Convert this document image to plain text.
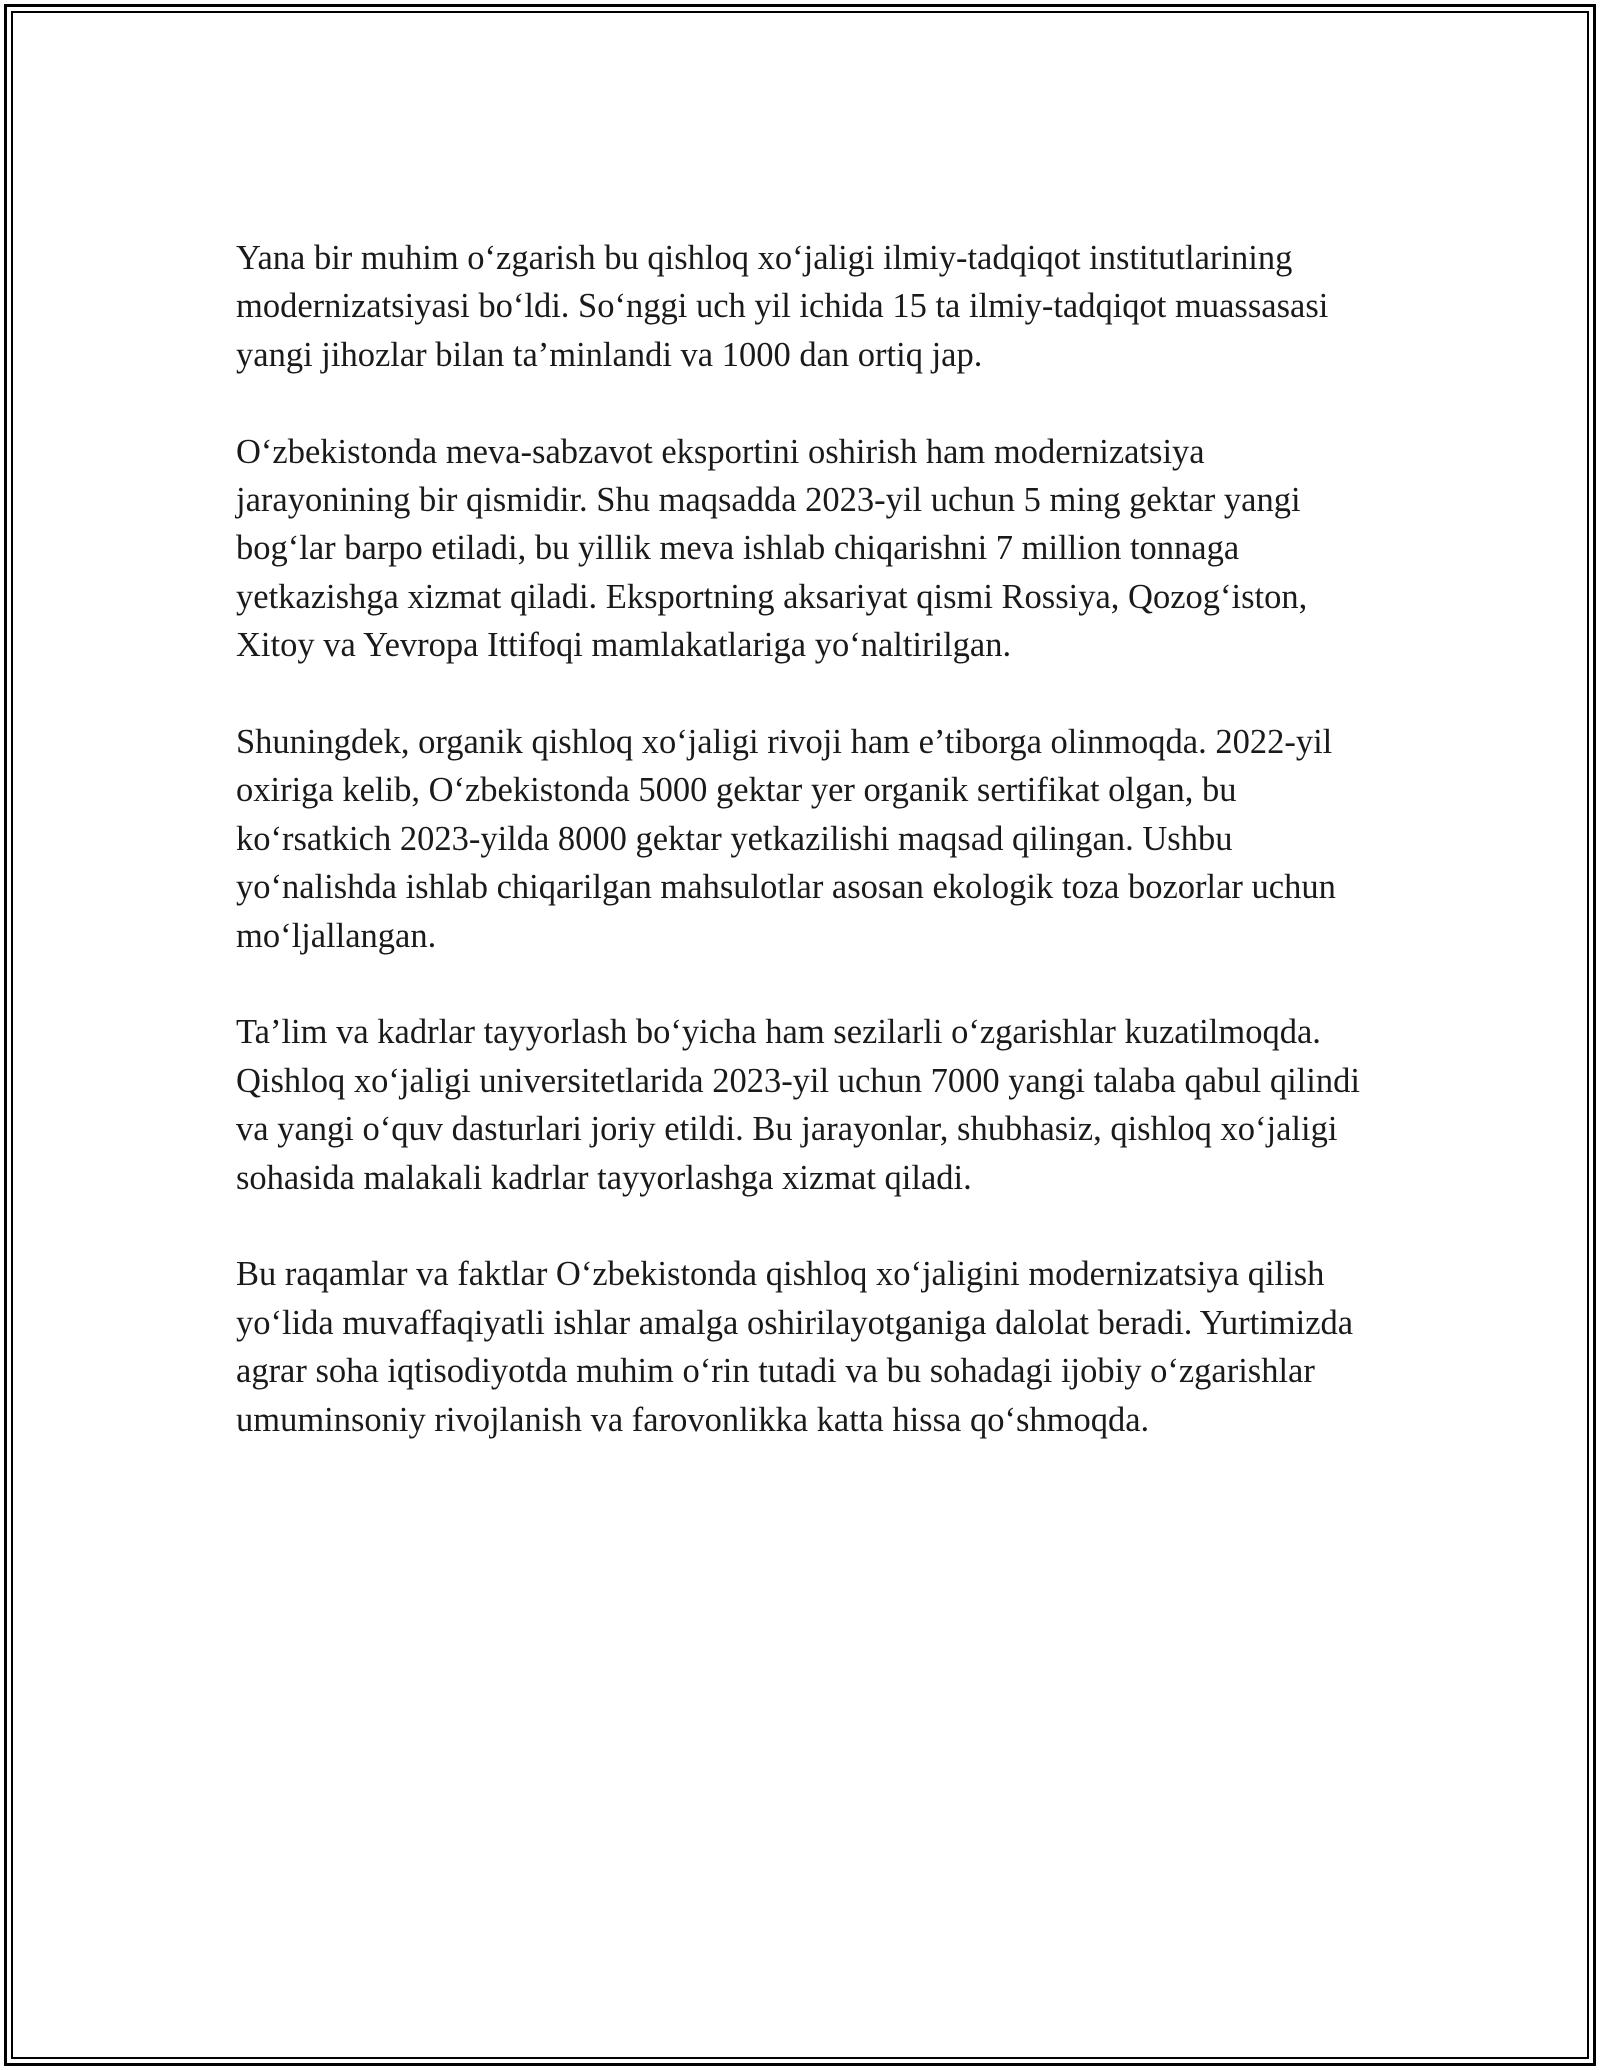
Yana bir muhim o‘zgarish bu qishloq xo‘jaligi ilmiy-tadqiqot institutlarining modernizatsiyasi bo‘ldi. So‘nggi uch yil ichida 15 ta ilmiy-tadqiqot muassasasi yangi jihozlar bilan ta’minlandi va 1000 dan ortiq jap.

O‘zbekistonda meva-sabzavot eksportini oshirish ham modernizatsiya jarayonining bir qismidir. Shu maqsadda 2023-yil uchun 5 ming gektar yangi bog‘lar barpo etiladi, bu yillik meva ishlab chiqarishni 7 million tonnaga yetkazishga xizmat qiladi. Eksportning aksariyat qismi Rossiya, Qozog‘iston, Xitoy va Yevropa Ittifoqi mamlakatlariga yo‘naltirilgan.

Shuningdek, organik qishloq xo‘jaligi rivoji ham e’tiborga olinmoqda. 2022-yil oxiriga kelib, O‘zbekistonda 5000 gektar yer organik sertifikat olgan, bu ko‘rsatkich 2023-yilda 8000 gektar yetkazilishi maqsad qilingan. Ushbu yo‘nalishda ishlab chiqarilgan mahsulotlar asosan ekologik toza bozorlar uchun mo‘ljallangan.

Ta’lim va kadrlar tayyorlash bo‘yicha ham sezilarli o‘zgarishlar kuzatilmoqda. Qishloq xo‘jaligi universitetlarida 2023-yil uchun 7000 yangi talaba qabul qilindi va yangi o‘quv dasturlari joriy etildi. Bu jarayonlar, shubhasiz, qishloq xo‘jaligi sohasida malakali kadrlar tayyorlashga xizmat qiladi.

Bu raqamlar va faktlar O‘zbekistonda qishloq xo‘jaligini modernizatsiya qilish yo‘lida muvaffaqiyatli ishlar amalga oshirilayotganiga dalolat beradi. Yurtimizda agrar soha iqtisodiyotda muhim o‘rin tutadi va bu sohadagi ijobiy o‘zgarishlar umuminsoniy rivojlanish va farovonlikka katta hissa qo‘shmoqda.
